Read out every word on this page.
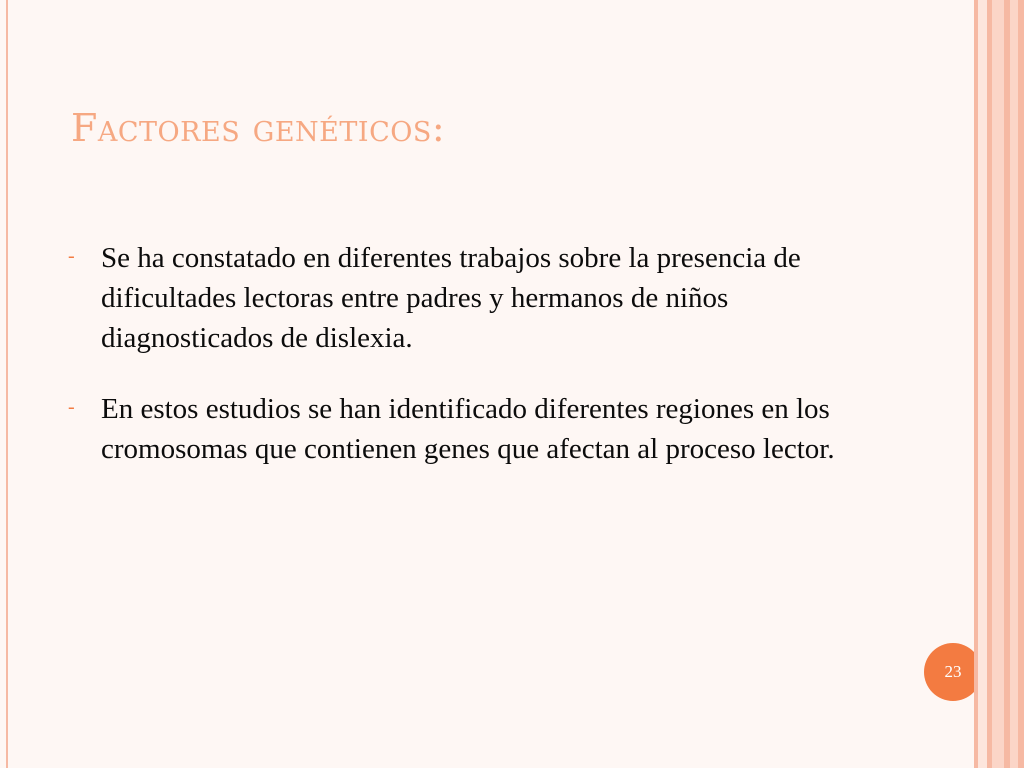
Factores genéticos:
- Se ha constatado en diferentes trabajos sobre la presencia de dificultades lectoras entre padres y hermanos de niños diagnosticados de dislexia.
- En estos estudios se han identificado diferentes regiones en los cromosomas que contienen genes que afectan al proceso lector.
23
